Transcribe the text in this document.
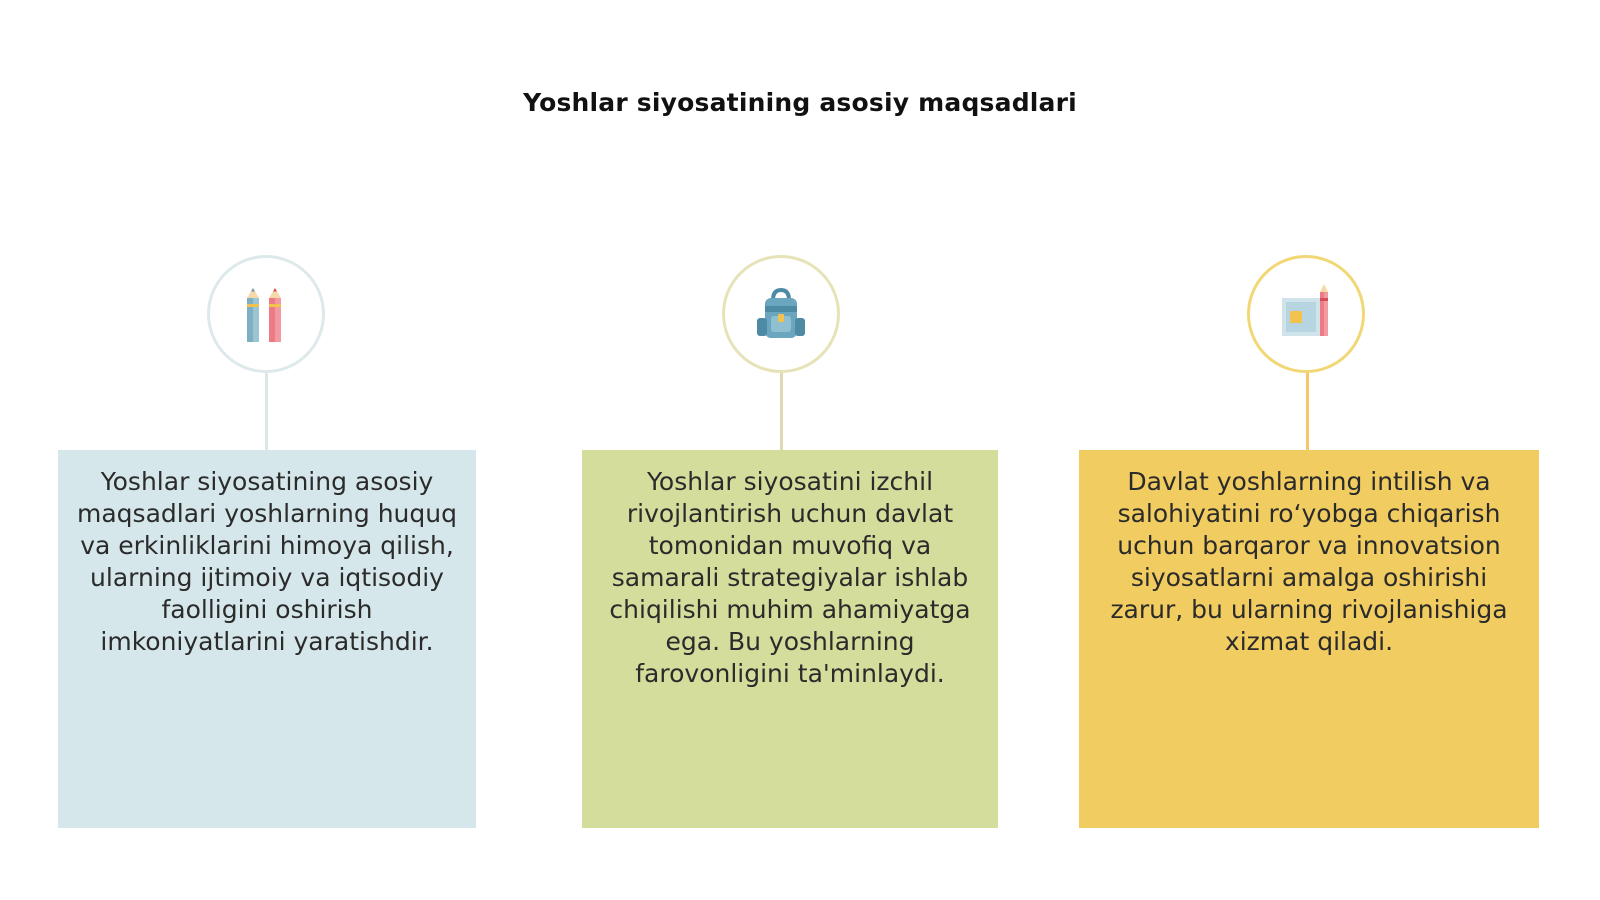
Yoshlar siyosatining asosiy maqsadlari
Yoshlar siyosatining asosiy maqsadlari yoshlarning huquq va erkinliklarini himoya qilish, ularning ijtimoiy va iqtisodiy faolligini oshirish imkoniyatlarini yaratishdir.
Yoshlar siyosatini izchil rivojlantirish uchun davlat tomonidan muvofiq va samarali strategiyalar ishlab chiqilishi muhim ahamiyatga ega. Bu yoshlarning farovonligini ta'minlaydi.
Davlat yoshlarning intilish va salohiyatini ro‘yobga chiqarish uchun barqaror va innovatsion siyosatlarni amalga oshirishi zarur, bu ularning rivojlanishiga xizmat qiladi.
